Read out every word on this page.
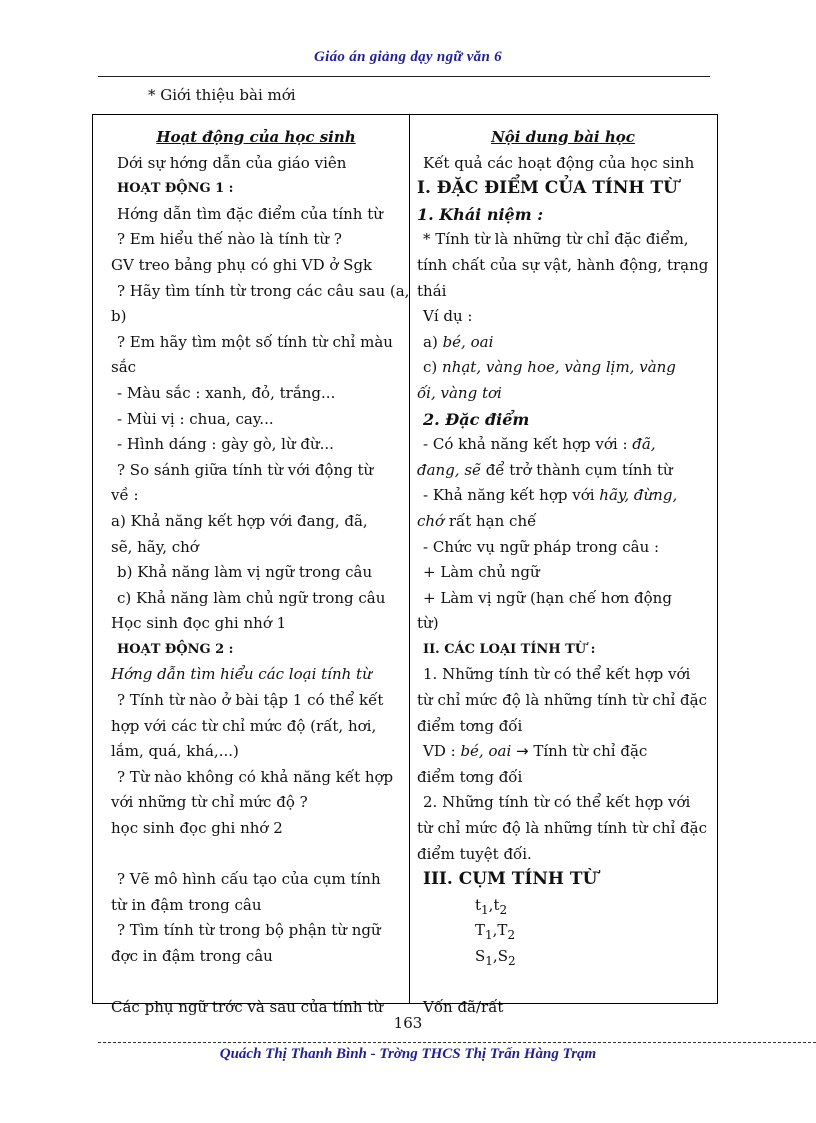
Giáo án giảng dạy ngữ văn 6
* Giới thiệu bài mới
Hoạt động của học sinh
Dới sự hớng dẫn của giáo viên
HOẠT ĐỘNG 1 :
Hớng dẫn tìm đặc điểm của tính từ
? Em hiểu thế nào là tính từ ?
GV treo bảng phụ có ghi VD ở Sgk
? Hãy tìm tính từ trong các câu sau (a,
b)
? Em hãy tìm một số tính từ chỉ màu
sắc
- Màu sắc : xanh, đỏ, trắng...
- Mùi vị : chua, cay...
- Hình dáng : gày gò, lừ đừ...
? So sánh giữa tính từ với động từ
về :
a) Khả năng kết hợp với đang, đã,
sẽ, hãy, chớ
b) Khả năng làm vị ngữ trong câu
c) Khả năng làm chủ ngữ trong câu
Học sinh đọc ghi nhớ 1
HOẠT ĐỘNG 2 :
Hớng dẫn tìm hiểu các loại tính từ
? Tính từ nào ở bài tập 1 có thể kết
hợp với các từ chỉ mức độ (rất, hơi,
lắm, quá, khá,...)
? Từ nào không có khả năng kết hợp
với những từ chỉ mức độ ?
học sinh đọc ghi nhớ 2
? Vẽ mô hình cấu tạo của cụm tính
từ in đậm trong câu
? Tìm tính từ trong bộ phận từ ngữ
đợc in đậm trong câu
Các phụ ngữ trớc và sau của tính từ
Nội dung bài học
Kết quả các hoạt động của học sinh
I. ĐẶC ĐIỂM CỦA TÍNH TỪ
1. Khái niệm :
* Tính từ là những từ chỉ đặc điểm,
tính chất của sự vật, hành động, trạng
thái
Ví dụ :
a) bé, oai
c) nhạt, vàng hoe, vàng lịm, vàng
ối, vàng tơi
2. Đặc điểm
- Có khả năng kết hợp với : đã,
đang, sẽ để trở thành cụm tính từ
- Khả năng kết hợp với hãy, đừng,
chớ rất hạn chế
- Chức vụ ngữ pháp trong câu :
+ Làm chủ ngữ
+ Làm vị ngữ (hạn chế hơn động
từ)
II. CÁC LOẠI TÍNH TỪ :
1. Những tính từ có thể kết hợp với
từ chỉ mức độ là những tính từ chỉ đặc
điểm tơng đối
VD : bé, oai → Tính từ chỉ đặc
điểm tơng đối
2. Những tính từ có thể kết hợp với
từ chỉ mức độ là những tính từ chỉ đặc
điểm tuyệt đối.
III. CỤM TÍNH TỪ
$t_1,t_2$
$T_1,T_2$
$S_1,S_2$
Vốn đã/rất
163
Quách Thị Thanh Bình - Trờng THCS Thị Trấn Hàng Trạm
